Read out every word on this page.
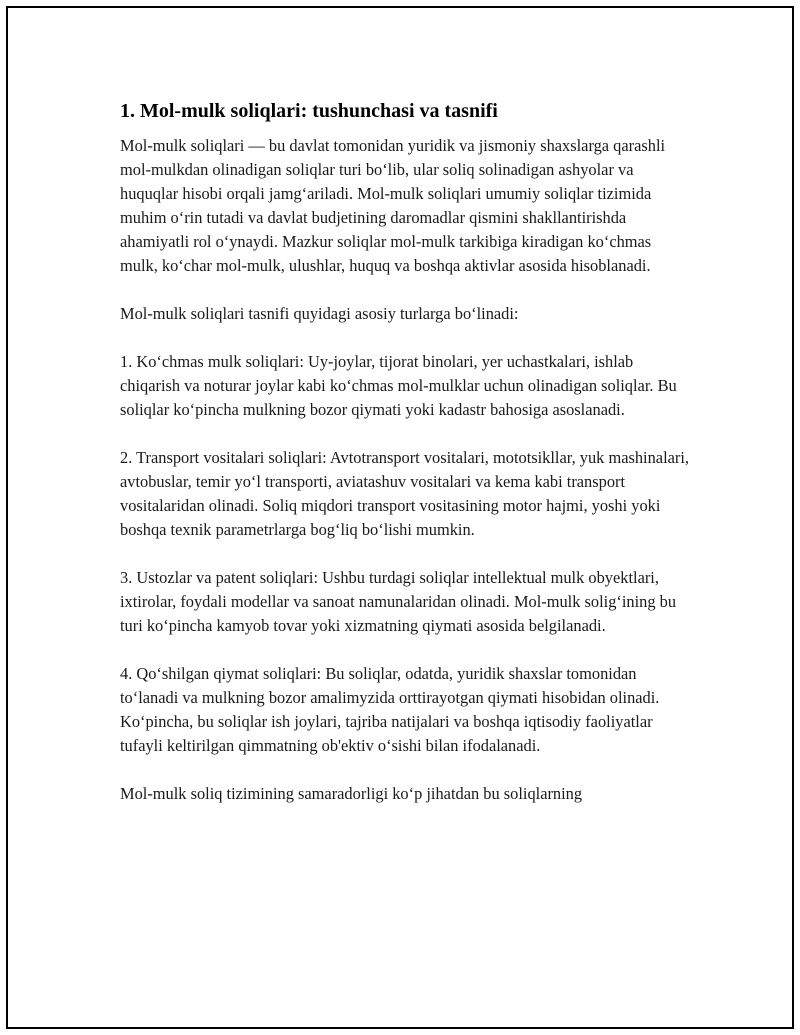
1. Mol-mulk soliqlari: tushunchasi va tasnifi

Mol-mulk soliqlari — bu davlat tomonidan yuridik va jismoniy shaxslarga qarashli mol-mulkdan olinadigan soliqlar turi bo‘lib, ular soliq solinadigan ashyolar va huquqlar hisobi orqali jamg‘ariladi. Mol-mulk soliqlari umumiy soliqlar tizimida muhim o‘rin tutadi va davlat budjetining daromadlar qismini shakllantirishda ahamiyatli rol o‘ynaydi. Mazkur soliqlar mol-mulk tarkibiga kiradigan ko‘chmas mulk, ko‘char mol-mulk, ulushlar, huquq va boshqa aktivlar asosida hisoblanadi.

Mol-mulk soliqlari tasnifi quyidagi asosiy turlarga bo‘linadi:

1. Ko‘chmas mulk soliqlari: Uy-joylar, tijorat binolari, yer uchastkalari, ishlab chiqarish va noturar joylar kabi ko‘chmas mol-mulklar uchun olinadigan soliqlar. Bu soliqlar ko‘pincha mulkning bozor qiymati yoki kadastr bahosiga asoslanadi.

2. Transport vositalari soliqlari: Avtotransport vositalari, mototsikllar, yuk mashinalari, avtobuslar, temir yo‘l transporti, aviatashuv vositalari va kema kabi transport vositalaridan olinadi. Soliq miqdori transport vositasining motor hajmi, yoshi yoki boshqa texnik parametrlarga bog‘liq bo‘lishi mumkin.

3. Ustozlar va patent soliqlari: Ushbu turdagi soliqlar intellektual mulk obyektlari, ixtirolar, foydali modellar va sanoat namunalaridan olinadi. Mol-mulk solig‘ining bu turi ko‘pincha kamyob tovar yoki xizmatning qiymati asosida belgilanadi.

4. Qo‘shilgan qiymat soliqlari: Bu soliqlar, odatda, yuridik shaxslar tomonidan to‘lanadi va mulkning bozor amalimyzida orttirayotgan qiymati hisobidan olinadi. Ko‘pincha, bu soliqlar ish joylari, tajriba natijalari va boshqa iqtisodiy faoliyatlar tufayli keltirilgan qimmatning ob'ektiv o‘sishi bilan ifodalanadi.

Mol-mulk soliq tizimining samaradorligi ko‘p jihatdan bu soliqlarning
